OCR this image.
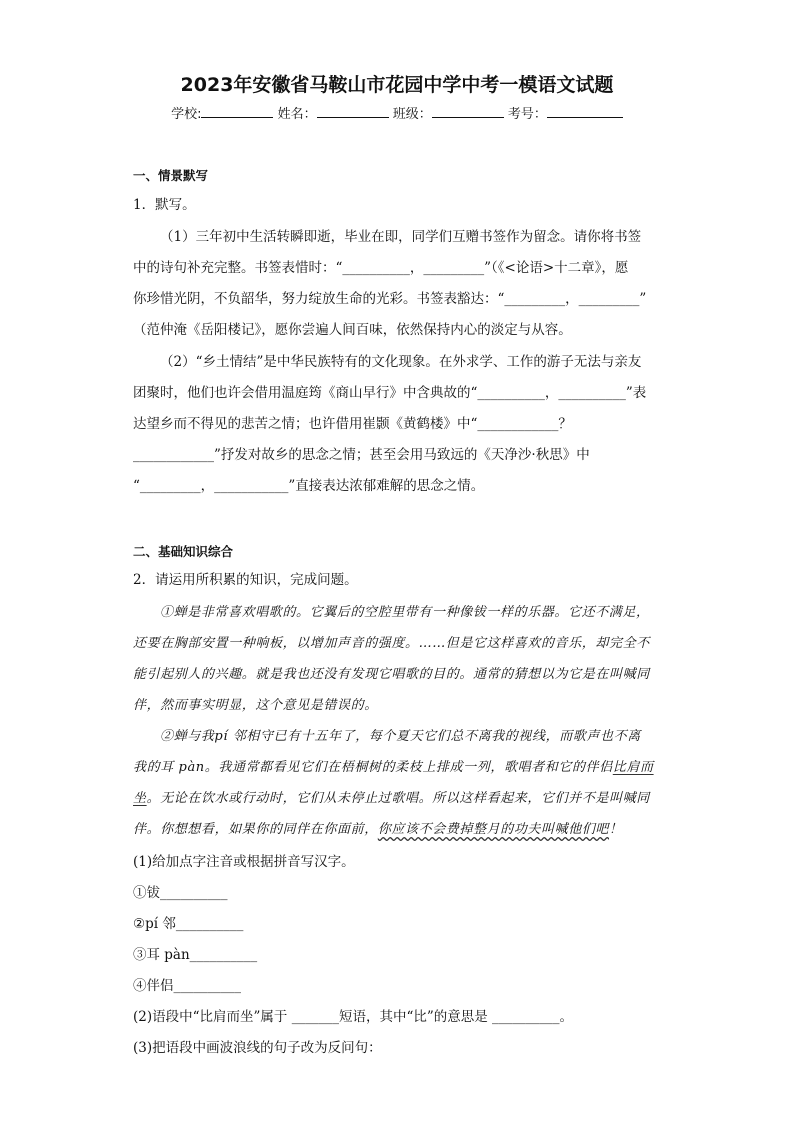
2023年安徽省马鞍山市花园中学中考一模语文试题
学校:	姓名：	班级：	考号：
一、情景默写
1．默写。
（1）三年初中生活转瞬即逝，毕业在即，同学们互赠书签作为留念。请你将书签
中的诗句补充完整。书签表惜时：“__________，_________”（《<论语>十二章》，愿
你珍惜光阴，不负韶华，努力绽放生命的光彩。书签表豁达：“_________，_________”
（范仲淹《岳阳楼记》，愿你尝遍人间百味，依然保持内心的淡定与从容。
（2）“乡土情结”是中华民族特有的文化现象。在外求学、工作的游子无法与亲友
团聚时，他们也许会借用温庭筠《商山早行》中含典故的“__________，__________”表
达望乡而不得见的悲苦之情；也许借用崔颢《黄鹤楼》中“____________？
____________”抒发对故乡的思念之情；甚至会用马致远的《天净沙·秋思》中
“_________，___________”直接表达浓郁难解的思念之情。
二、基础知识综合
2．请运用所积累的知识，完成问题。
①蝉是非常喜欢唱歌的。它翼后的空腔里带有一种像钹一样的乐器。它还不满足，
还要在胸部安置一种响板，以增加声音的强度。……但是它这样喜欢的音乐，却完全不
能引起别人的兴趣。就是我也还没有发现它唱歌的目的。通常的猜想以为它是在叫喊同
伴，然而事实明显，这个意见是错误的。
②蝉与我pí 邻相守已有十五年了，每个夏天它们总不离我的视线，而歌声也不离
我的耳 pàn。我通常都看见它们在梧桐树的柔枝上排成一列，歌唱者和它的伴侣比肩而
坐。无论在饮水或行动时，它们从未停止过歌唱。所以这样看起来，它们并不是叫喊同
伴。你想想看，如果你的同伴在你面前，你应该不会费掉整月的功夫叫喊他们吧！
(1)给加点字注音或根据拼音写汉字。
①钹__________
②pí 邻__________
③耳 pàn__________
④伴侣__________
(2)语段中“比肩而坐”属于 _______短语，其中“比”的意思是 __________。
(3)把语段中画波浪线的句子改为反问句：
